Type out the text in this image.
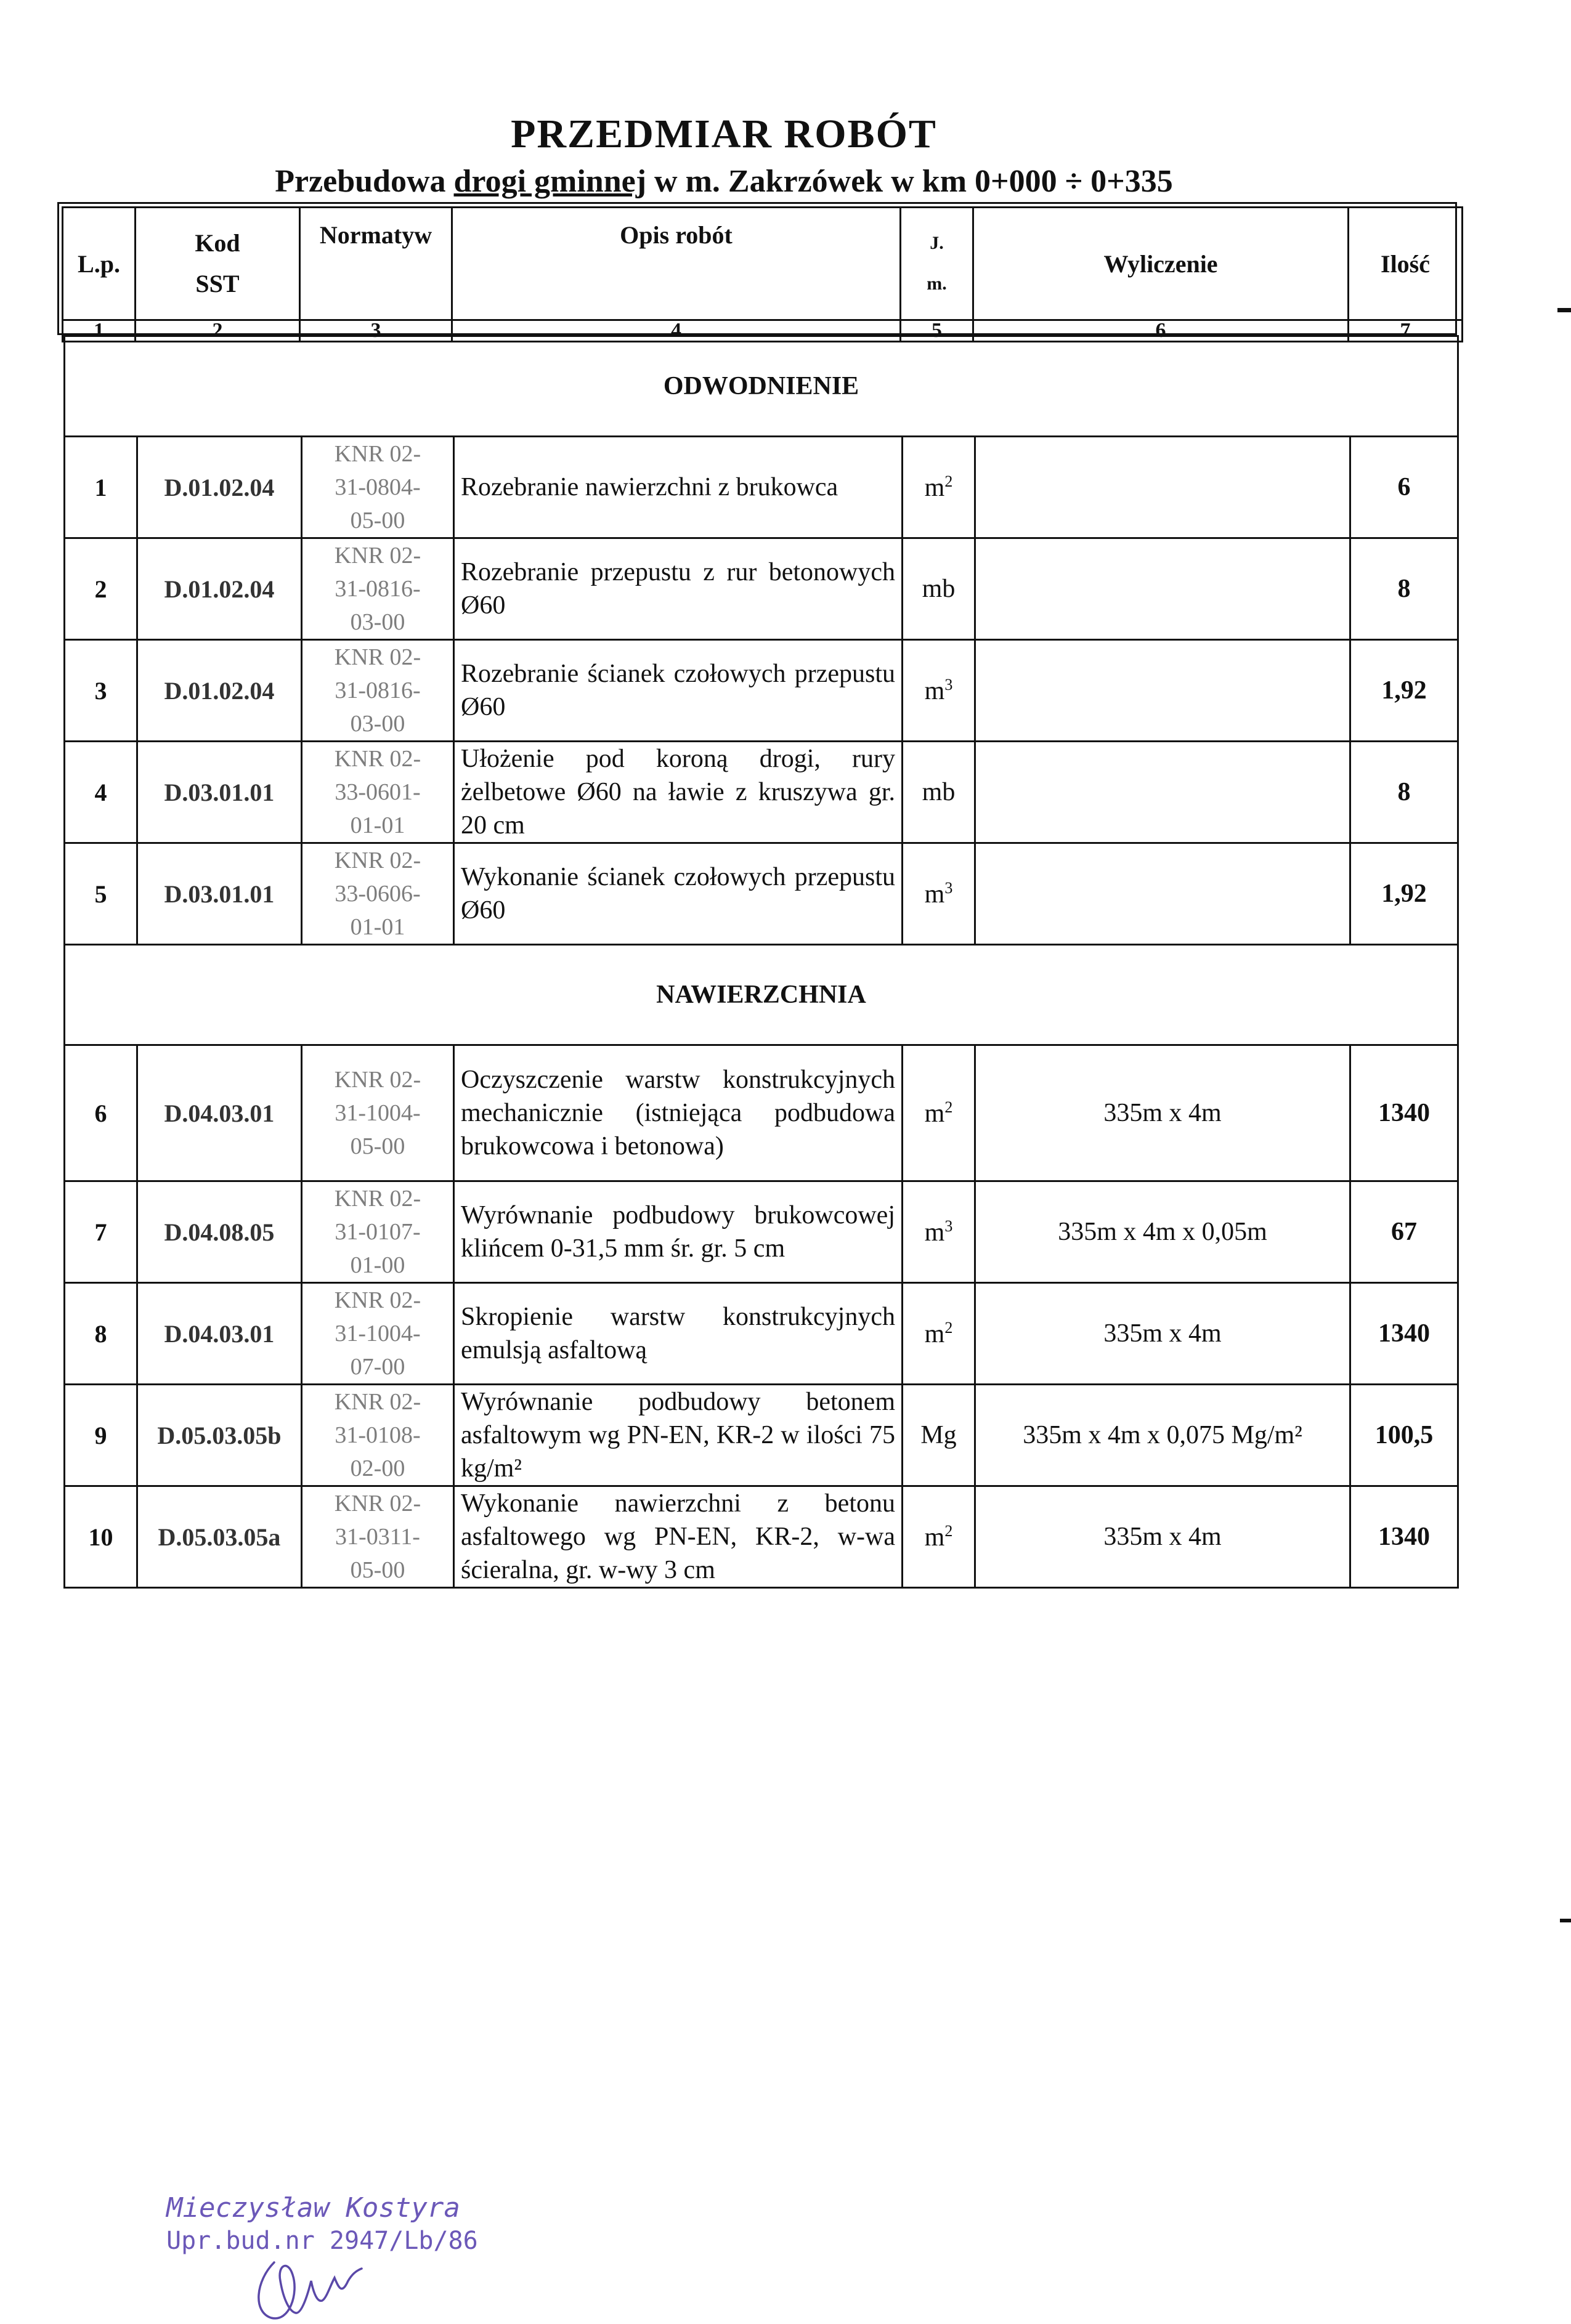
PRZEDMIAR ROBÓT
Przebudowa drogi gminnej w m. Zakrzówek w km 0+000 ÷ 0+335
L.p.	Kod
SST	Normatyw	Opis robót	J.
m.	Wyliczenie	Ilość
1	2	3	4	5	6	7
ODWODNIENIE						
1	D.01.02.04	KNR 02-
31-0804-
05-00	Rozebranie nawierzchni z brukowca	$m^2$		6
2	D.01.02.04	KNR 02-
31-0816-
03-00	Rozebranie przepustu z rur betonowych Ø60	mb		8
3	D.01.02.04	KNR 02-
31-0816-
03-00	Rozebranie ścianek czołowych przepustu Ø60	$m^3$		1,92
4	D.03.01.01	KNR 02-
33-0601-
01-01	Ułożenie pod koroną drogi, rury żelbetowe Ø60 na ławie z kruszywa gr. 20 cm	mb		8
5	D.03.01.01	KNR 02-
33-0606-
01-01	Wykonanie ścianek czołowych przepustu Ø60	$m^3$		1,92
NAWIERZCHNIA						
6	D.04.03.01	KNR 02-
31-1004-
05-00	Oczyszczenie warstw konstrukcyjnych mechanicznie (istniejąca podbudowa brukowcowa i betonowa)	$m^2$	335m x 4m	1340
7	D.04.08.05	KNR 02-
31-0107-
01-00	Wyrównanie podbudowy brukowcowej klińcem 0-31,5 mm śr. gr. 5 cm	$m^3$	335m x 4m x 0,05m	67
8	D.04.03.01	KNR 02-
31-1004-
07-00	Skropienie warstw konstrukcyjnych emulsją asfaltową	$m^2$	335m x 4m	1340
9	D.05.03.05b	KNR 02-
31-0108-
02-00	Wyrównanie podbudowy betonem asfaltowym wg PN-EN, KR-2 w ilości 75 kg/m²	Mg	335m x 4m x 0,075 Mg/m²	100,5
10	D.05.03.05a	KNR 02-
31-0311-
05-00	Wykonanie nawierzchni z betonu asfaltowego wg PN-EN, KR-2, w-wa ścieralna, gr. w-wy 3 cm	$m^2$	335m x 4m	1340
Mieczysław Kostyra
Upr.bud.nr 2947/Lb/86
